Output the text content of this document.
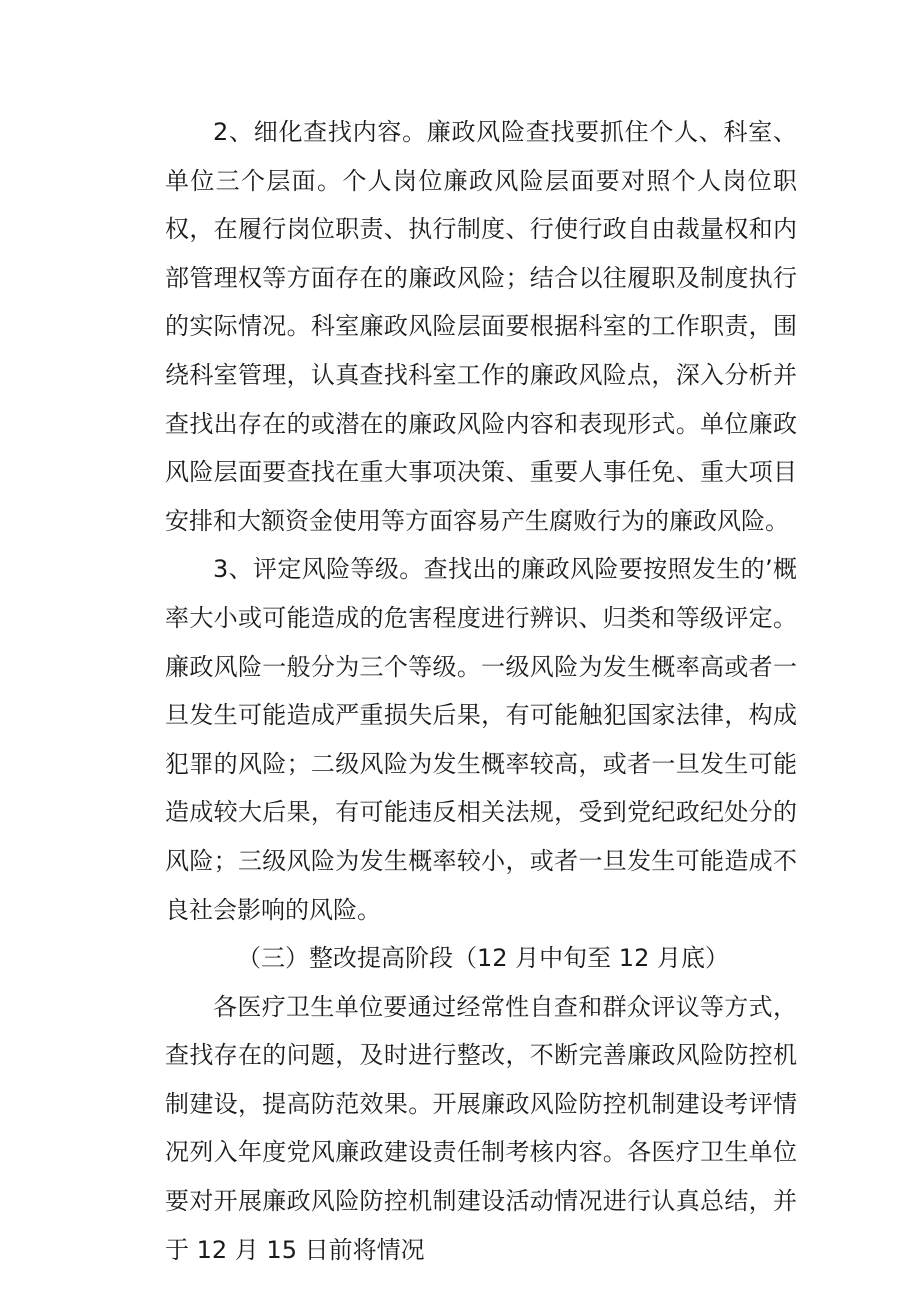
2、细化查找内容。廉政风险查找要抓住个人、科室、单位三个层面。个人岗位廉政风险层面要对照个人岗位职权，在履行岗位职责、执行制度、行使行政自由裁量权和内部管理权等方面存在的廉政风险；结合以往履职及制度执行的实际情况。科室廉政风险层面要根据科室的工作职责，围绕科室管理，认真查找科室工作的廉政风险点，深入分析并查找出存在的或潜在的廉政风险内容和表现形式。单位廉政风险层面要查找在重大事项决策、重要人事任免、重大项目安排和大额资金使用等方面容易产生腐败行为的廉政风险。

3、评定风险等级。查找出的廉政风险要按照发生的’概率大小或可能造成的危害程度进行辨识、归类和等级评定。廉政风险一般分为三个等级。一级风险为发生概率高或者一旦发生可能造成严重损失后果，有可能触犯国家法律，构成犯罪的风险；二级风险为发生概率较高，或者一旦发生可能造成较大后果，有可能违反相关法规，受到党纪政纪处分的风险；三级风险为发生概率较小，或者一旦发生可能造成不良社会影响的风险。

（三）整改提高阶段（12 月中旬至 12 月底）

各医疗卫生单位要通过经常性自查和群众评议等方式，查找存在的问题，及时进行整改，不断完善廉政风险防控机制建设，提高防范效果。开展廉政风险防控机制建设考评情况列入年度党风廉政建设责任制考核内容。各医疗卫生单位要对开展廉政风险防控机制建设活动情况进行认真总结，并于 12 月 15 日前将情况
